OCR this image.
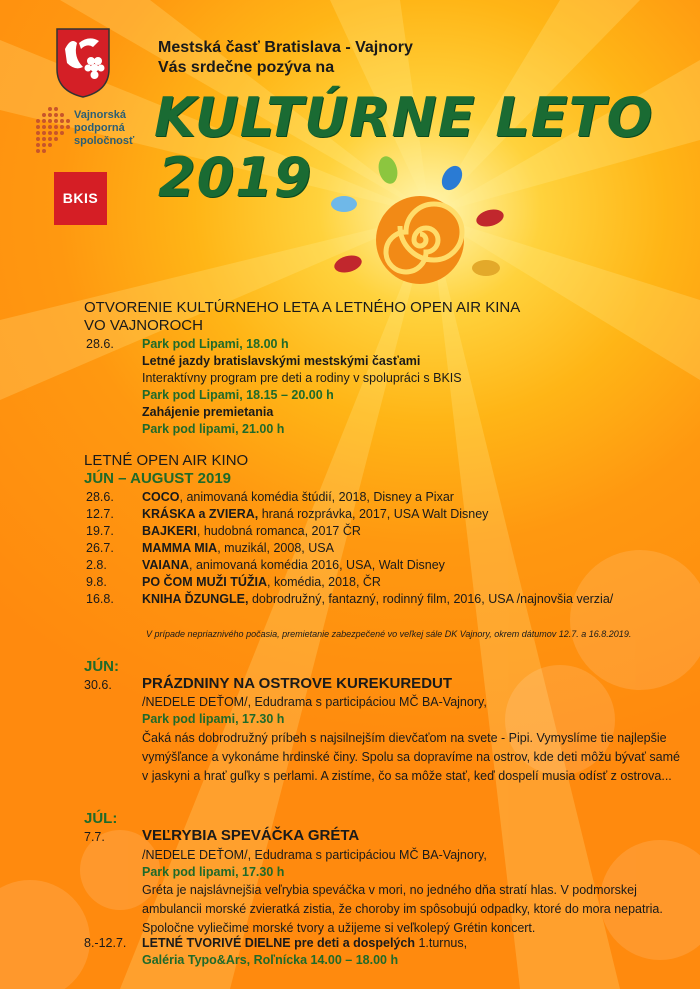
Vajnorská
podporná
spoločnosť
BKIS
Mestská časť Bratislava - Vajnory
Vás srdečne pozýva na
KULTÚRNE LETO
2019
OTVORENIE KULTÚRNEHO LETA A LETNÉHO OPEN AIR KINA
VO VAJNOROCH
28.6. Park pod Lipami, 18.00 h
Letné jazdy bratislavskými mestskými časťami
Interaktívny program pre deti a rodiny v spolupráci s BKIS
Park pod Lipami, 18.15 – 20.00 h
Zahájenie premietania
Park pod lipami, 21.00 h
LETNÉ OPEN AIR KINO
JÚN – AUGUST 2019
28.6.	COCO, animovaná komédia štúdií, 2018, Disney a Pixar
12.7.	KRÁSKA a ZVIERA, hraná rozprávka, 2017, USA Walt Disney
19.7.	BAJKERI, hudobná romanca, 2017 ČR
26.7.	MAMMA MIA, muzikál, 2008, USA
2.8.	VAIANA, animovaná komédia 2016, USA, Walt Disney
9.8.	PO ČOM MUŽI TÚŽIA, komédia, 2018, ČR
16.8.	KNIHA ĎZUNGLE, dobrodružný, fantazný, rodinný film, 2016, USA /najnovšia verzia/
V prípade nepriaznivého počasia, premietanie zabezpečené vo veľkej sále DK Vajnory, okrem dátumov 12.7. a 16.8.2019.
JÚN:
30.6. PRÁZDNINY NA OSTROVE KUREKUREDUT
/NEDELE DEŤOM/, Edudrama s participáciou MČ BA-Vajnory,
Park pod lipami, 17.30 h
Čaká nás dobrodružný príbeh s najsilnejším dievčaťom na svete - Pipi. Vymyslíme tie najlepšie vymýšľance a vykonáme hrdinské činy. Spolu sa dopravíme na ostrov, kde deti môžu bývať samé v jaskyni a hrať guľky s perlami. A zistíme, čo sa môže stať, keď dospelí musia odísť z ostrova...
JÚL:
7.7. VEĽRYBIA SPEVÁČKA GRÉTA
/NEDELE DEŤOM/, Edudrama s participáciou MČ BA-Vajnory,
Park pod lipami, 17.30 h
Gréta je najslávnejšia veľrybia speváčka v mori, no jedného dňa stratí hlas. V podmorskej ambulancii morské zvieratká zistia, že choroby im spôsobujú odpadky, ktoré do mora nepatria. Spoločne vyliečime morské tvory a užijeme si veľkolepý Grétin koncert.
8.-12.7. LETNÉ TVORIVÉ DIELNE pre deti a dospelých 1.turnus,
Galéria Typo&Ars, Roľnícka 14.00 – 18.00 h
